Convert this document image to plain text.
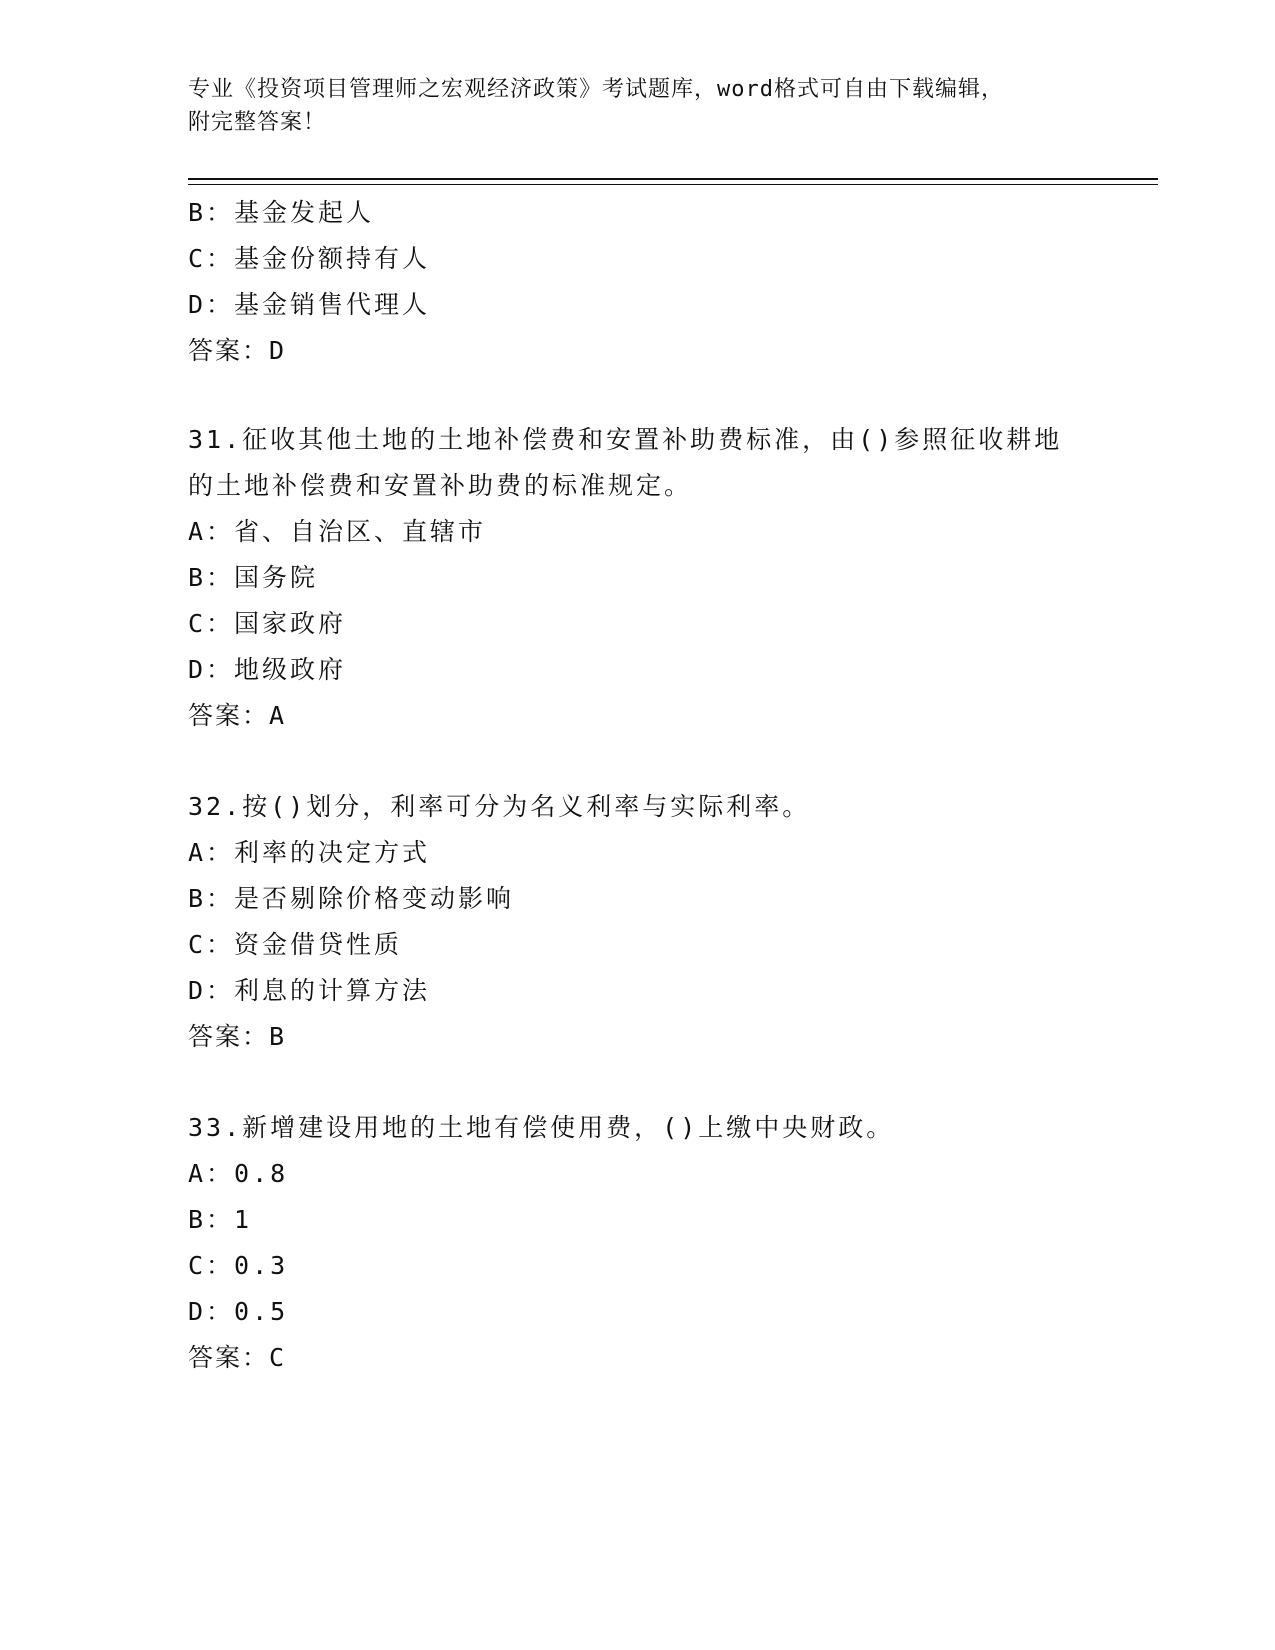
专业《投资项目管理师之宏观经济政策》考试题库，word格式可自由下载编辑，
附完整答案！
B：基金发起人
C：基金份额持有人
D：基金销售代理人
答案：D
31.征收其他土地的土地补偿费和安置补助费标准，由()参照征收耕地的土地补偿费和安置补助费的标准规定。
A：省、自治区、直辖市
B：国务院
C：国家政府
D：地级政府
答案：A
32.按()划分，利率可分为名义利率与实际利率。
A：利率的决定方式
B：是否剔除价格变动影响
C：资金借贷性质
D：利息的计算方法
答案：B
33.新增建设用地的土地有偿使用费，()上缴中央财政。
A：0.8
B：1
C：0.3
D：0.5
答案：C
